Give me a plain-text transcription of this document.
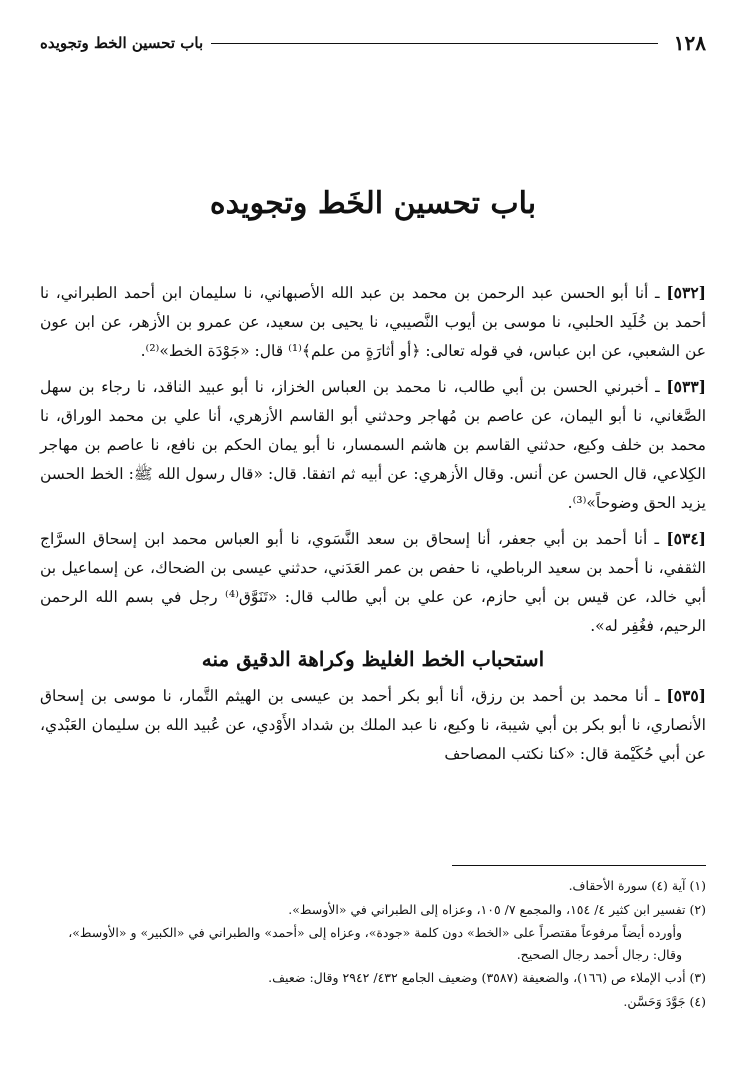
١٢٨
باب تحسين الخط وتجويده
باب تحسين الخَط وتجويده

[٥٣٢] ـ أنا أبو الحسن عبد الرحمن بن محمد بن عبد الله الأصبهاني، نا سليمان ابن أحمد الطبراني، نا أحمد بن خُلَيد الحلبي، نا موسى بن أيوب النَّصيبي، نا يحيى بن سعيد، عن عمرو بن الأزهر، عن ابن عون عن الشعبي، عن ابن عباس، في قوله تعالى: ﴿أو أثارَةٍ من علم﴾⁽¹⁾ قال: «جَوْدَة الخط»⁽²⁾.

[٥٣٣] ـ أخبرني الحسن بن أبي طالب، نا محمد بن العباس الخزاز، نا أبو عبيد الناقد، نا رجاء بن سهل الصَّغاني، نا أبو اليمان، عن عاصم بن مُهاجر وحدثني أبو القاسم الأزهري، أنا علي بن محمد الوراق، نا محمد بن خلف وكيع، حدثني القاسم بن هاشم السمسار، نا أبو يمان الحكم بن نافع، نا عاصم بن مهاجر الكِلاعي، قال الحسن عن أنس. وقال الأزهري: عن أبيه ثم اتفقا. قال: «قال رسول الله ﷺ: الخط الحسن يزيد الحق وضوحاً»⁽³⁾.

[٥٣٤] ـ أنا أحمد بن أبي جعفر، أنا إسحاق بن سعد النَّسَوي، نا أبو العباس محمد ابن إسحاق السرَّاج الثقفي، نا أحمد بن سعيد الرباطي، نا حفص بن عمر العَدَني، حدثني عيسى بن الضحاك، عن إسماعيل بن أبي خالد، عن قيس بن أبي حازم، عن علي بن أبي طالب قال: «تَنَوَّق⁽⁴⁾ رجل في بسم الله الرحمن الرحيم، فغُفِر له».

استحباب الخط الغليظ وكراهة الدقيق منه

[٥٣٥] ـ أنا محمد بن أحمد بن رزق، أنا أبو بكر أحمد بن عيسى بن الهيثم التَّمار، نا موسى بن إسحاق الأنصاري، نا أبو بكر بن أبي شيبة، نا وكيع، نا عبد الملك بن شداد الأَوْدي، عن عُبيد الله بن سليمان العَبْدي، عن أبي حُكَيْمة قال: «كنا نكتب المصاحف

(١) آية (٤) سورة الأحقاف.

(٢) تفسير ابن كثير ٤/ ١٥٤، والمجمع ٧/ ١٠٥، وعزاه إلى الطبراني في «الأوسط».

وأورده أيضاً مرفوعاً مقتصراً على «الخط» دون كلمة «جودة»، وعزاه إلى «أحمد» والطبراني في «الكبير» و «الأوسط»، وقال: رجال أحمد رجال الصحيح.

(٣) أدب الإملاء ص (١٦٦)، والضعيفة (٣٥٨٧) وضعيف الجامع ٤٣٢/ ٢٩٤٢ وقال: ضعيف.

(٤) جَوَّدَ وَحَسَّن.
